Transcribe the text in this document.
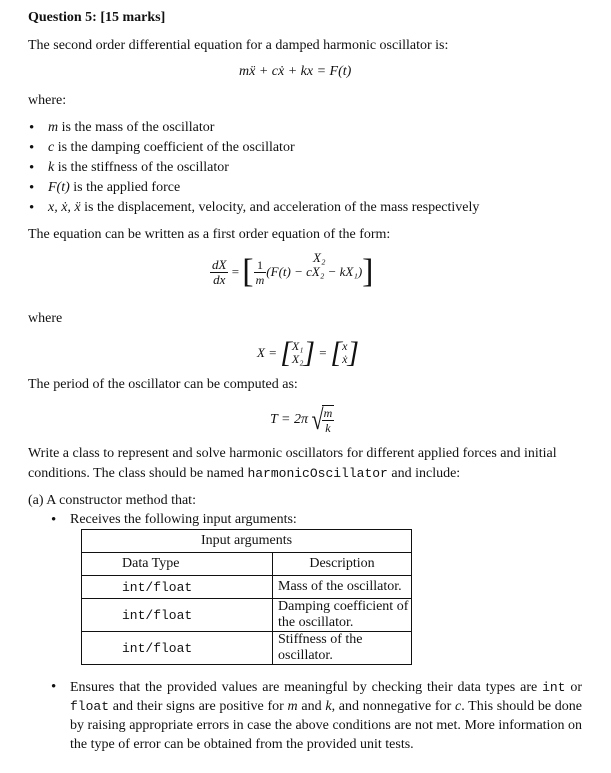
Question 5: [15 marks]
The second order differential equation for a damped harmonic oscillator is:
mẍ + cẋ + kx = F(t)
where:
• m is the mass of the oscillator
• c is the damping coefficient of the oscillator
• k is the stiffness of the oscillator
• F(t) is the applied force
• x, ẋ, ẍ is the displacement, velocity, and acceleration of the mass respectively
The equation can be written as a first order equation of the form:
X₂
$\frac{dX}{dx}$ = [ $\frac{1}{m} (F(t) - cX_2 - kX_1)$]
where
X = [ X₁
X₂ ] = [ x
ẋ ]
The period of the oscillator can be computed as:
T = 2π √
$\frac{m}{k}$
Write a class to represent and solve harmonic oscillators for different applied forces and initial
conditions. The class should be named harmonicOscillator and include:
(a) A constructor method that:
• Receives the following input arguments:
Input arguments	
Data Type	Description
int/float	Mass of the oscillator.
int/float	Damping coefficient of the oscillator.
int/float	Stiffness of the oscillator.
• Ensures that the provided values are meaningful by checking their data types are int or float and their signs are positive for m and k, and nonnegative for c. This should be done by raising appropriate errors in case the above conditions are not met. More information on the type of error can be obtained from the provided unit tests.
